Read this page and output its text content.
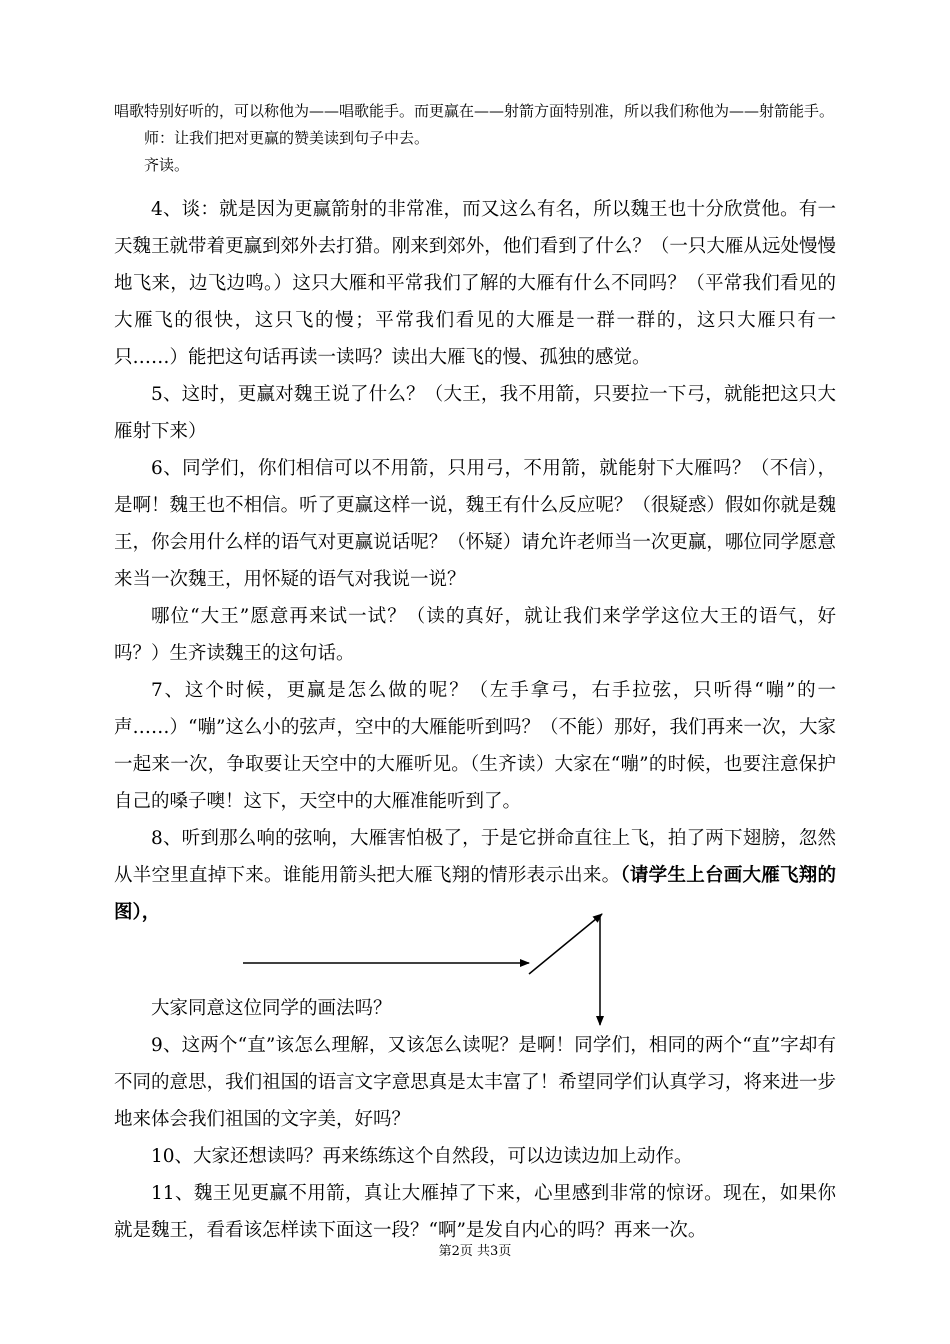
唱歌特别好听的，可以称他为——唱歌能手。而更赢在——射箭方面特别准，所以我们称他为——射箭能手。

师：让我们把对更赢的赞美读到句子中去。

齐读。

4、谈：就是因为更赢箭射的非常准，而又这么有名，所以魏王也十分欣赏他。有一天魏王就带着更赢到郊外去打猎。刚来到郊外，他们看到了什么？（一只大雁从远处慢慢地飞来，边飞边鸣。）这只大雁和平常我们了解的大雁有什么不同吗？（平常我们看见的大雁飞的很快，这只飞的慢；平常我们看见的大雁是一群一群的，这只大雁只有一只……）能把这句话再读一读吗？读出大雁飞的慢、孤独的感觉。

5、这时，更赢对魏王说了什么？（大王，我不用箭，只要拉一下弓，就能把这只大雁射下来）

6、同学们，你们相信可以不用箭，只用弓，不用箭，就能射下大雁吗？（不信），是啊！魏王也不相信。听了更赢这样一说，魏王有什么反应呢？（很疑惑）假如你就是魏王，你会用什么样的语气对更赢说话呢？（怀疑）请允许老师当一次更赢，哪位同学愿意来当一次魏王，用怀疑的语气对我说一说？

哪位“大王”愿意再来试一试？（读的真好，就让我们来学学这位大王的语气，好吗？）生齐读魏王的这句话。

7、这个时候，更赢是怎么做的呢？（左手拿弓，右手拉弦，只听得“嘣”的一声……）“嘣”这么小的弦声，空中的大雁能听到吗？（不能）那好，我们再来一次，大家一起来一次，争取要让天空中的大雁听见。（生齐读）大家在“嘣”的时候，也要注意保护自己的嗓子噢！这下，天空中的大雁准能听到了。

8、听到那么响的弦响，大雁害怕极了，于是它拼命直往上飞，拍了两下翅膀，忽然从半空里直掉下来。谁能用箭头把大雁飞翔的情形表示出来。（请学生上台画大雁飞翔的图），

大家同意这位同学的画法吗？

9、这两个“直”该怎么理解，又该怎么读呢？是啊！同学们，相同的两个“直”字却有不同的意思，我们祖国的语言文字意思真是太丰富了！希望同学们认真学习，将来进一步地来体会我们祖国的文字美，好吗？

10、大家还想读吗？再来练练这个自然段，可以边读边加上动作。

11、魏王见更赢不用箭，真让大雁掉了下来，心里感到非常的惊讶。现在，如果你就是魏王，看看该怎样读下面这一段？“啊”是发自内心的吗？再来一次。

第2页 共3页
